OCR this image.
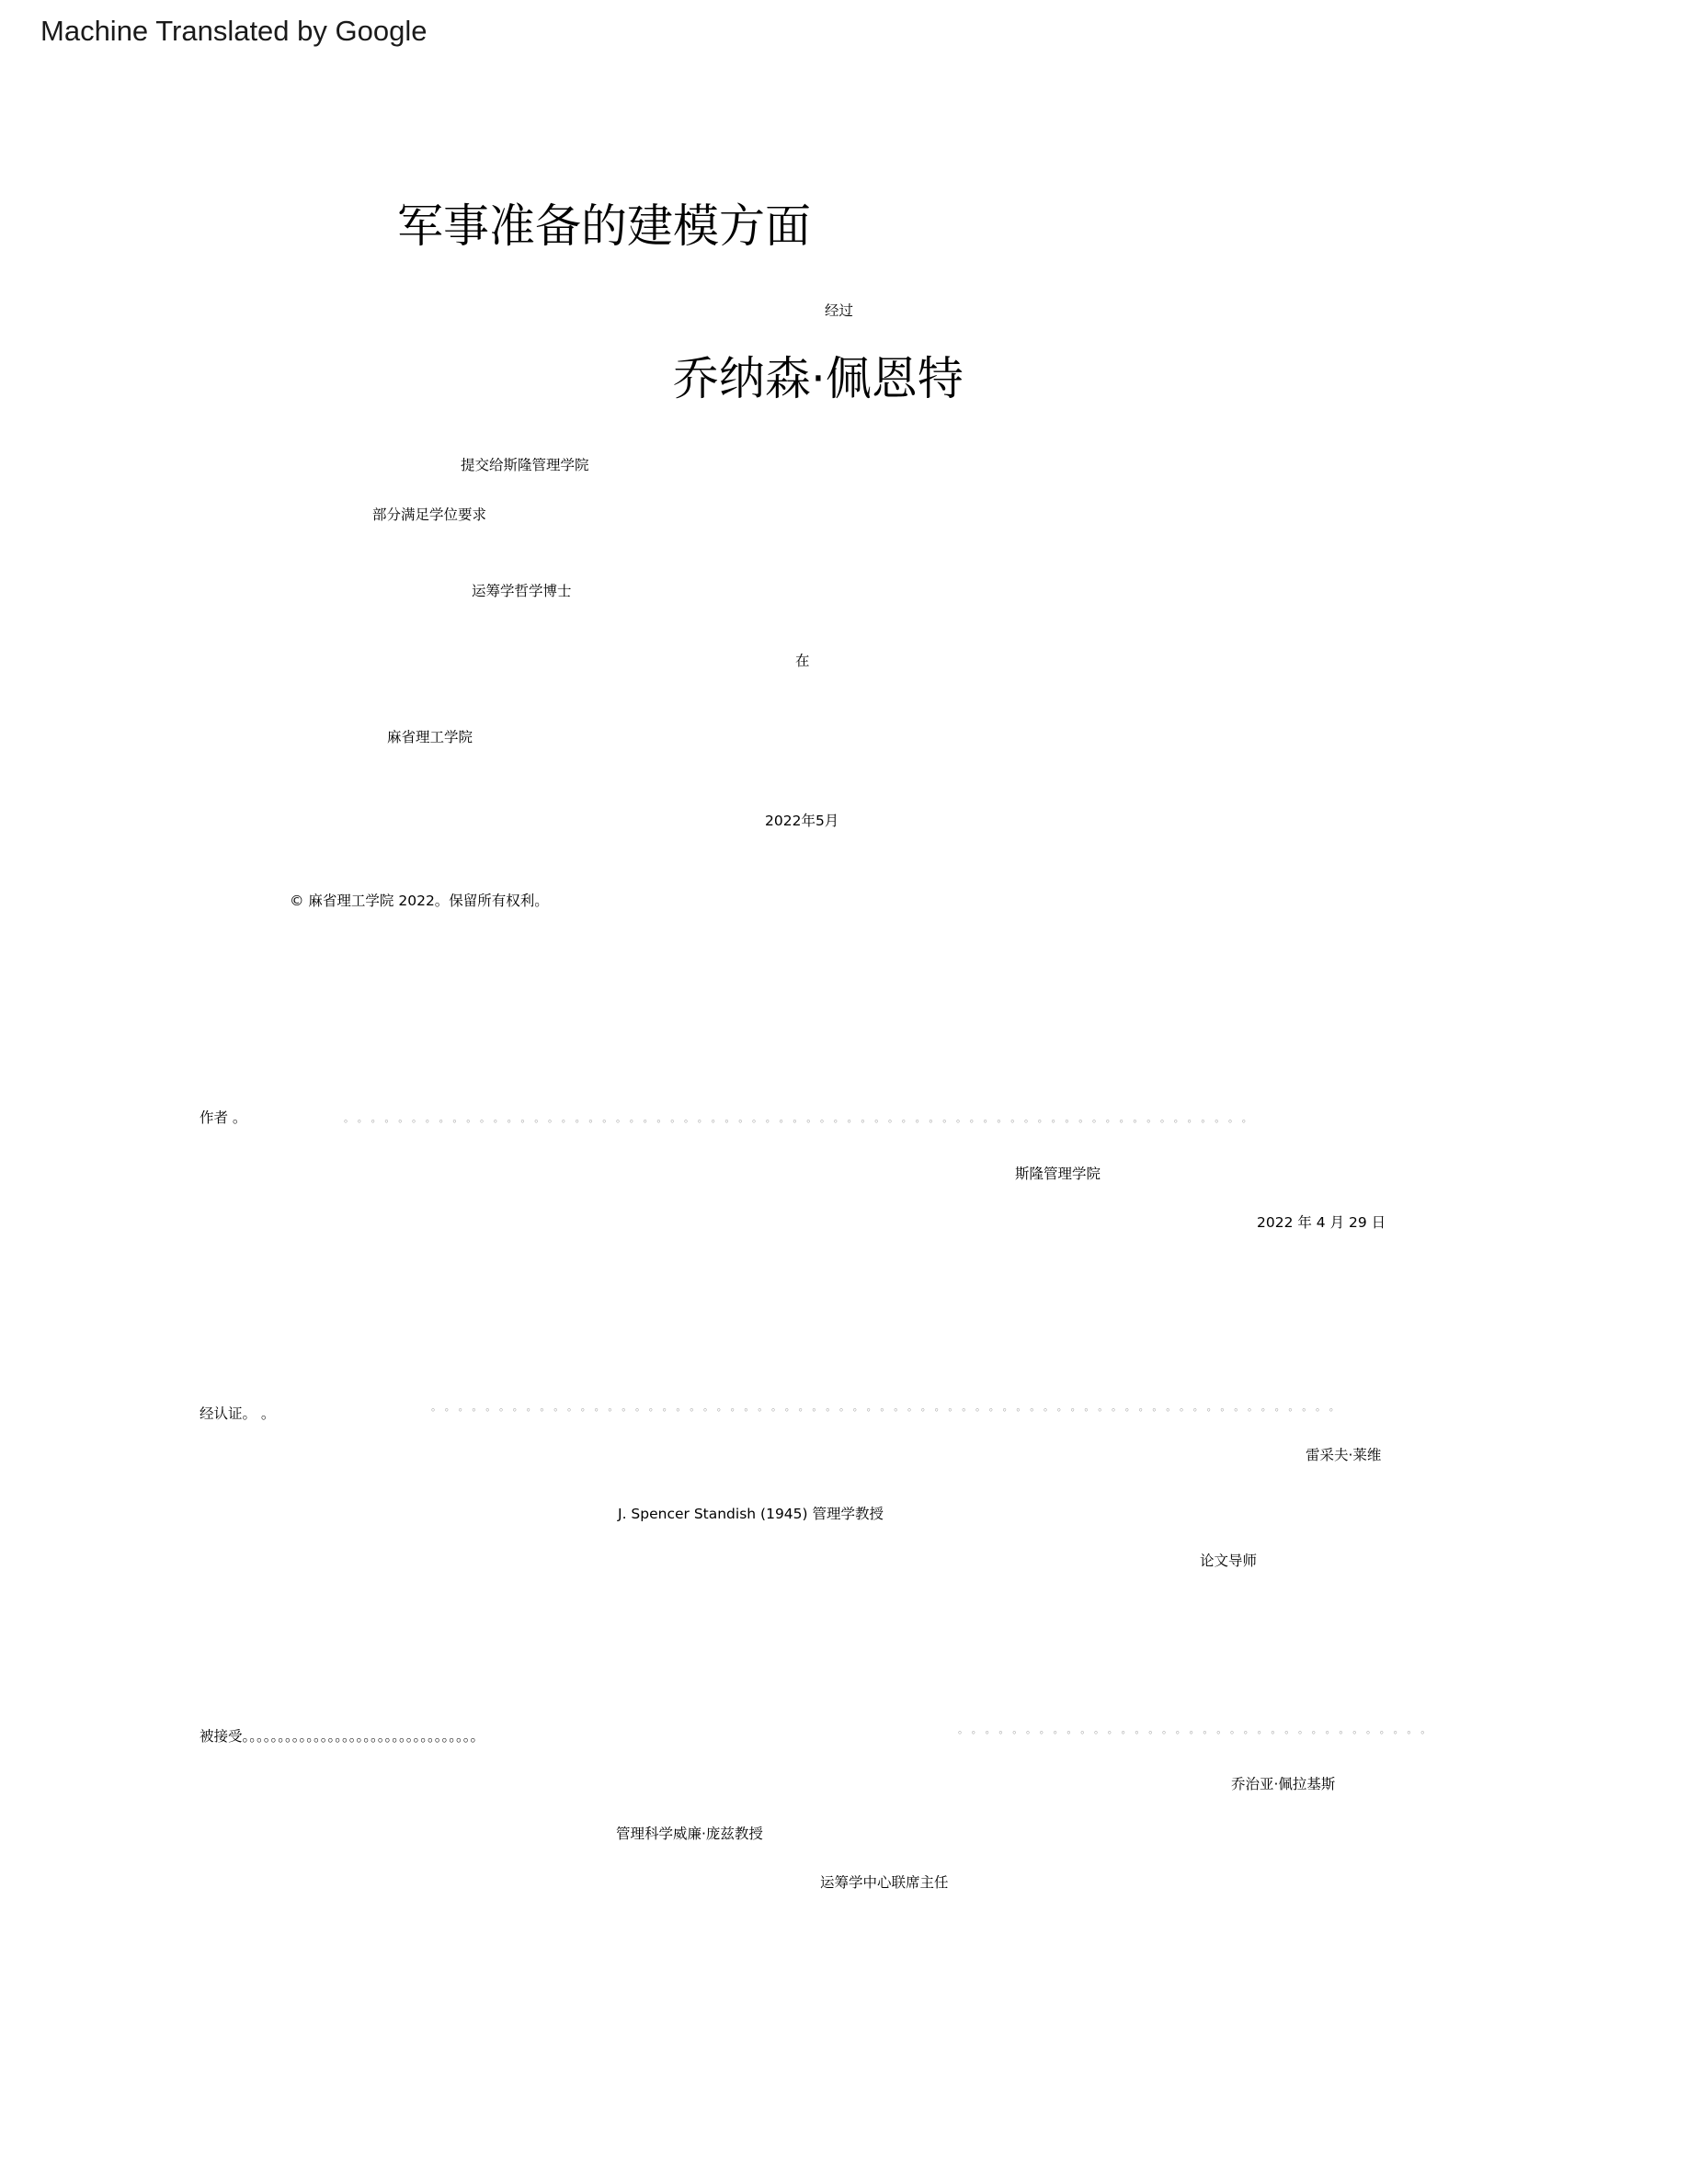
Machine Translated by Google
军事准备的建模方面
经过
乔纳森·佩恩特
提交给斯隆管理学院
部分满足学位要求
运筹学哲学博士
在
麻省理工学院
2022年5月
© 麻省理工学院 2022。保留所有权利。
作者 。	。。。。。。。。。。。。。。。。。。。。。。。。。。。。。。。。。。。。。。。。。。。。。。。。。。。。。。。。。。。。。。。。。。。
斯隆管理学院
2022 年 4 月 29 日
经认证。 。	。。。。。。。。。。。。。。。。。。。。。。。。。。。。。。。。。。。。。。。。。。。。。。。。。。。。。。。。。。。。。。。。。。。
雷采夫·莱维
J. Spencer Standish (1945) 管理学教授
论文导师
被接受。。。。。。。。。。。。。。。。。。。。。。。。。。。。。。。。。	。。。。。。。。。。。。。。。。。。。。。。。。。。。。。。。。。。。
乔治亚·佩拉基斯
管理科学威廉·庞兹教授
运筹学中心联席主任
